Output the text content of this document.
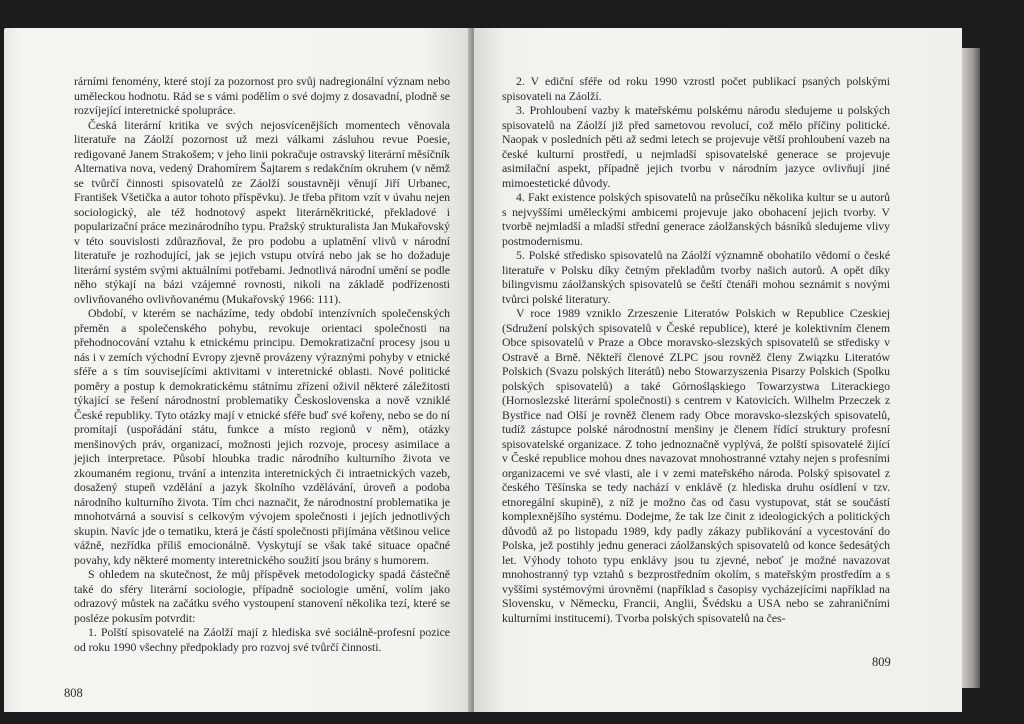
rárními fenomény, které stojí za pozornost pro svůj nadregionální význam nebo uměleckou hodnotu. Rád se s vámi podělím o své dojmy z dosavadní, plodně se rozvíjející interetnické spolupráce.

Česká literární kritika ve svých nejosvícenějších momentech věnovala literatuře na Záolží pozornost už mezi válkami zásluhou revue Poesie, redigované Janem Strakošem; v jeho linii pokračuje ostravský literární měsíčník Alternativa nova, vedený Drahomírem Šajtarem s redakčním okruhem (v němž se tvůrčí činnosti spisovatelů ze Záolží soustavněji věnují Jiří Urbanec, František Všetička a autor tohoto příspěvku). Je třeba přitom vzít v úvahu nejen sociologický, ale též hodnotový aspekt literárněkritické, překladové i popularizační práce mezinárodního typu. Pražský strukturalista Jan Mukařovský v této souvislosti zdůrazňoval, že pro podobu a uplatnění vlivů v národní literatuře je rozhodující, jak se jejich vstupu otvírá nebo jak se ho dožaduje literární systém svými aktuálními potřebami. Jednotlivá národní umění se podle něho stýkají na bázi vzájemné rovnosti, nikoli na základě podřízenosti ovlivňovaného ovlivňovanému (Mukařovský 1966: 111).

Období, v kterém se nacházíme, tedy období intenzívních společenských přeměn a společenského pohybu, revokuje orientaci společnosti na přehodnocování vztahu k etnickému principu. Demokratizační procesy jsou u nás i v zemích východní Evropy zjevně provázeny výraznými pohyby v etnické sféře a s tím souvisejícími aktivitami v interetnické oblasti. Nové politické poměry a postup k demokratickému státnímu zřízení oživil některé záležitosti týkající se řešení národnostní problematiky Československa a nově vzniklé České republiky. Tyto otázky mají v etnické sféře buď své kořeny, nebo se do ní promítají (uspořádání státu, funkce a místo regionů v něm), otázky menšinových práv, organizací, možnosti jejich rozvoje, procesy asimilace a jejich interpretace. Působí hloubka tradic národního kulturního života ve zkoumaném regionu, trvání a intenzita interetnických či intraetnických vazeb, dosažený stupeň vzdělání a jazyk školního vzdělávání, úroveň a podoba národního kulturního života. Tím chci naznačit, že národnostní problematika je mnohotvárná a souvisí s celkovým vývojem společnosti i jejích jednotlivých skupin. Navíc jde o tematiku, která je částí společnosti přijímána většinou velice vážně, nezřídka příliš emocionálně. Vyskytují se však také situace opačné povahy, kdy některé momenty interetnického soužití jsou brány s humorem.

S ohledem na skutečnost, že můj příspěvek metodologicky spadá částečně také do sféry literární sociologie, případně sociologie umění, volím jako odrazový můstek na začátku svého vystoupení stanovení několika tezí, které se posléze pokusím potvrdit:

1. Polští spisovatelé na Záolží mají z hlediska své sociálně-profesní pozice od roku 1990 všechny předpoklady pro rozvoj své tvůrčí činnosti.

808

2. V ediční sféře od roku 1990 vzrostl počet publikací psaných polskými spisovateli na Záolží.

3. Prohloubení vazby k mateřskému polskému národu sledujeme u polských spisovatelů na Záolží již před sametovou revolucí, což mělo příčiny politické. Naopak v posledních pěti až sedmi letech se projevuje větší prohloubení vazeb na české kulturní prostředí, u nejmladší spisovatelské generace se projevuje asimilační aspekt, případně jejich tvorbu v národním jazyce ovlivňují jiné mimoestetické důvody.

4. Fakt existence polských spisovatelů na průsečíku několika kultur se u autorů s nejvyššími uměleckými ambicemi projevuje jako obohacení jejich tvorby. V tvorbě nejmladší a mladší střední generace záolžanských básníků sledujeme vlivy postmodernismu.

5. Polské středisko spisovatelů na Záolží významně obohatilo vědomí o české literatuře v Polsku díky četným překladům tvorby našich autorů. A opět díky bilingvismu záolžanských spisovatelů se čeští čtenáři mohou seznámit s novými tvůrci polské literatury.

V roce 1989 vzniklo Zrzeszenie Literatów Polskich w Republice Czeskiej (Sdružení polských spisovatelů v České republice), které je kolektivním členem Obce spisovatelů v Praze a Obce moravsko-slezských spisovatelů se středisky v Ostravě a Brně. Někteří členové ZLPC jsou rovněž členy Związku Literatów Polskich (Svazu polských literátů) nebo Stowarzyszenia Pisarzy Polskich (Spolku polských spisovatelů) a také Górnośląskiego Towarzystwa Literackiego (Hornoslezské literární společnosti) s centrem v Katovicích. Wilhelm Przeczek z Bystřice nad Olší je rovněž členem rady Obce moravsko-slezských spisovatelů, tudíž zástupce polské národnostní menšiny je členem řídící struktury profesní spisovatelské organizace. Z toho jednoznačně vyplývá, že polští spisovatelé žijící v České republice mohou dnes navazovat mnohostranné vztahy nejen s profesními organizacemi ve své vlasti, ale i v zemi mateřského národa. Polský spisovatel z českého Těšínska se tedy nachází v enklávě (z hlediska druhu osídlení v tzv. etnoregální skupině), z níž je možno čas od času vystupovat, stát se součástí komplexnějšího systému. Dodejme, že tak lze činit z ideologických a politických důvodů až po listopadu 1989, kdy padly zákazy publikování a vycestování do Polska, jež postihly jednu generaci záolžanských spisovatelů od konce šedesátých let. Výhody tohoto typu enklávy jsou tu zjevné, neboť je možné navazovat mnohostranný typ vztahů s bezprostředním okolím, s mateřským prostředím a s vyššími systémovými úrovněmi (například s časopisy vycházejícími například na Slovensku, v Německu, Francii, Anglii, Švédsku a USA nebo se zahraničními kulturními institucemi). Tvorba polských spisovatelů na čes-

809
